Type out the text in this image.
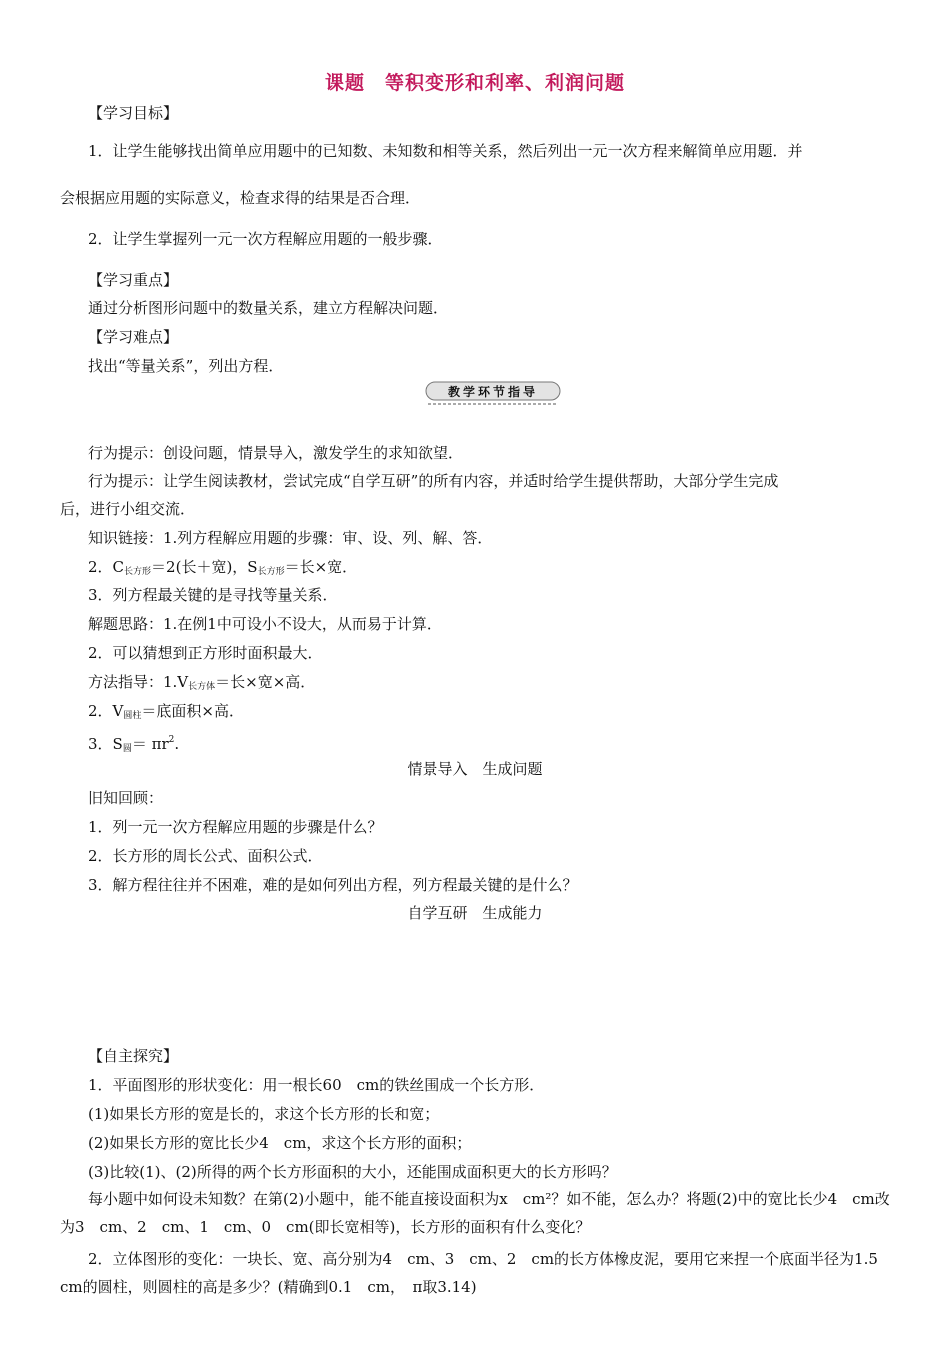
课题　等积变形和利率、利润问题
【学习目标】
1．让学生能够找出简单应用题中的已知数、未知数和相等关系，然后列出一元一次方程来解简单应用题．并
会根据应用题的实际意义，检查求得的结果是否合理．
2．让学生掌握列一元一次方程解应用题的一般步骤．
【学习重点】
通过分析图形问题中的数量关系，建立方程解决问题．
【学习难点】
找出“等量关系”，列出方程．
教学环节指导
行为提示：创设问题，情景导入，激发学生的求知欲望．
行为提示：让学生阅读教材，尝试完成“自学互研”的所有内容，并适时给学生提供帮助，大部分学生完成
后，进行小组交流．
知识链接：1.列方程解应用题的步骤：审、设、列、解、答．
2．$C_{长方形}=2$(长＋宽)，$S_{长方形}=$长×宽．
3．列方程最关键的是寻找等量关系．
解题思路：1.在例1中可设小不设大，从而易于计算．
2．可以猜想到正方形时面积最大．
方法指导：$1.V_{长方体}=$长×宽×高．
2．$V_{圆柱}=$底面积×高．
3．$S_圆= \pi r^2$.
情景导入　生成问题
旧知回顾：
1．列一元一次方程解应用题的步骤是什么？
2．长方形的周长公式、面积公式．
3．解方程往往并不困难，难的是如何列出方程，列方程最关键的是什么？
自学互研　生成能力
【自主探究】
1．平面图形的形状变化：用一根长60　cm的铁丝围成一个长方形．
(1)如果长方形的宽是长的，求这个长方形的长和宽；
(2)如果长方形的宽比长少4　cm，求这个长方形的面积；
(3)比较(1)、(2)所得的两个长方形面积的大小，还能围成面积更大的长方形吗？
每小题中如何设未知数？在第(2)小题中，能不能直接设面积为x　cm²？如不能，怎么办？将题(2)中的宽比长少4　cm改为3　cm、2　cm、1　cm、0　cm(即长宽相等)，长方形的面积有什么变化？
2．立体图形的变化：一块长、宽、高分别为4　cm、3　cm、2　cm的长方体橡皮泥，要用它来捏一个底面半径为1.5　cm的圆柱，则圆柱的高是多少？(精确到0.1　cm，　π取3.14)
